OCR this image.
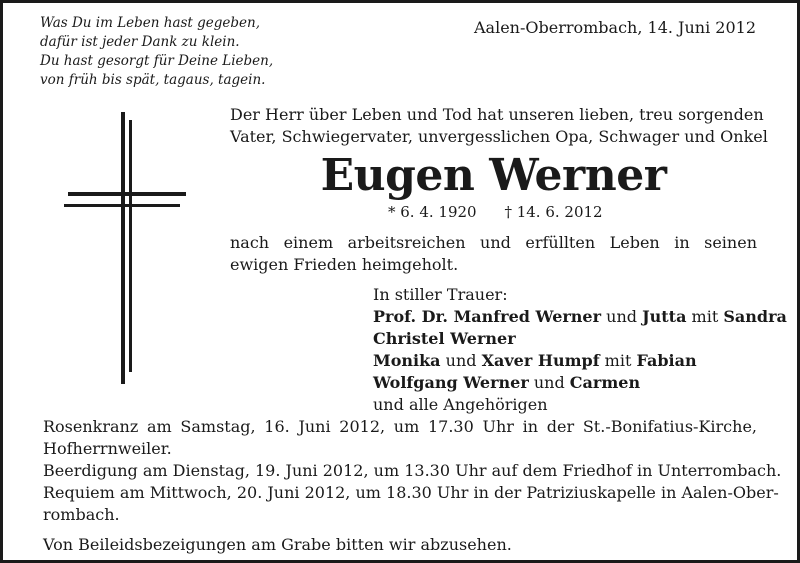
Was Du im Leben hast gegeben,
dafür ist jeder Dank zu klein.
Du hast gesorgt für Deine Lieben,
von früh bis spät, tagaus, tagein.
Aalen-Oberrombach, 14. Juni 2012
Der Herr über Leben und Tod hat unseren lieben, treu sorgenden
Vater, Schwiegervater, unvergesslichen Opa, Schwager und Onkel
Eugen Werner
* 6. 4. 1920 † 14. 6. 2012
nach einem arbeitsreichen und erfüllten Leben in seinen
ewigen Frieden heimgeholt.
In stiller Trauer:
Prof. Dr. Manfred Werner und Jutta mit Sandra
Christel Werner
Monika und Xaver Humpf mit Fabian
Wolfgang Werner und Carmen
und alle Angehörigen
Rosenkranz am Samstag, 16. Juni 2012, um 17.30 Uhr in der St.-Bonifatius-Kirche,
Hofherrnweiler.
Beerdigung am Dienstag, 19. Juni 2012, um 13.30 Uhr auf dem Friedhof in Unterrombach.
Requiem am Mittwoch, 20. Juni 2012, um 18.30 Uhr in der Patriziuskapelle in Aalen-Ober-
rombach.
Von Beileidsbezeigungen am Grabe bitten wir abzusehen.
